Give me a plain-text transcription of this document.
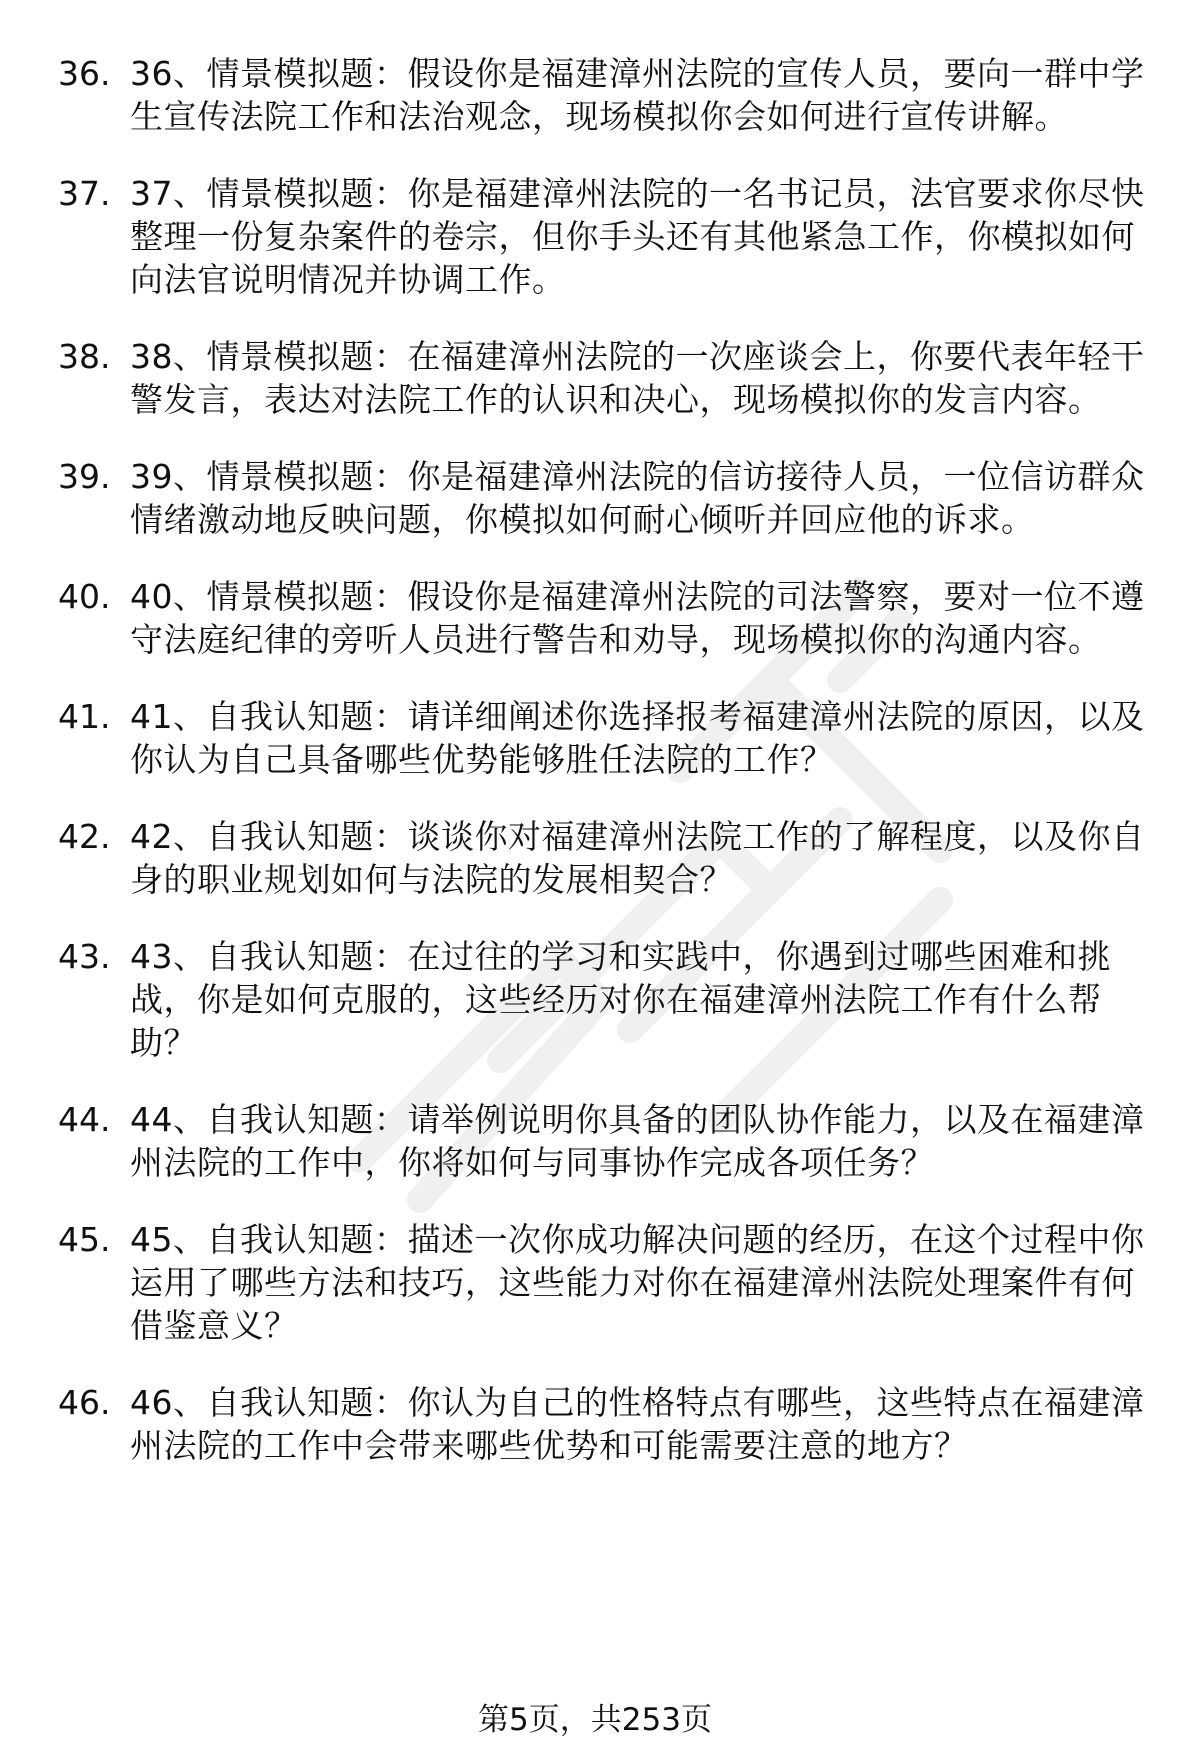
36. 36、情景模拟题：假设你是福建漳州法院的宣传人员，要向一群中学生宣传法院工作和法治观念，现场模拟你会如何进行宣传讲解。
37. 37、情景模拟题：你是福建漳州法院的一名书记员，法官要求你尽快整理一份复杂案件的卷宗，但你手头还有其他紧急工作，你模拟如何向法官说明情况并协调工作。
38. 38、情景模拟题：在福建漳州法院的一次座谈会上，你要代表年轻干警发言，表达对法院工作的认识和决心，现场模拟你的发言内容。
39. 39、情景模拟题：你是福建漳州法院的信访接待人员，一位信访群众情绪激动地反映问题，你模拟如何耐心倾听并回应他的诉求。
40. 40、情景模拟题：假设你是福建漳州法院的司法警察，要对一位不遵守法庭纪律的旁听人员进行警告和劝导，现场模拟你的沟通内容。
41. 41、自我认知题：请详细阐述你选择报考福建漳州法院的原因，以及你认为自己具备哪些优势能够胜任法院的工作？
42. 42、自我认知题：谈谈你对福建漳州法院工作的了解程度，以及你自身的职业规划如何与法院的发展相契合？
43. 43、自我认知题：在过往的学习和实践中，你遇到过哪些困难和挑战，你是如何克服的，这些经历对你在福建漳州法院工作有什么帮助？
44. 44、自我认知题：请举例说明你具备的团队协作能力，以及在福建漳州法院的工作中，你将如何与同事协作完成各项任务？
45. 45、自我认知题：描述一次你成功解决问题的经历，在这个过程中你运用了哪些方法和技巧，这些能力对你在福建漳州法院处理案件有何借鉴意义？
46. 46、自我认知题：你认为自己的性格特点有哪些，这些特点在福建漳州法院的工作中会带来哪些优势和可能需要注意的地方？
第5页，共253页
